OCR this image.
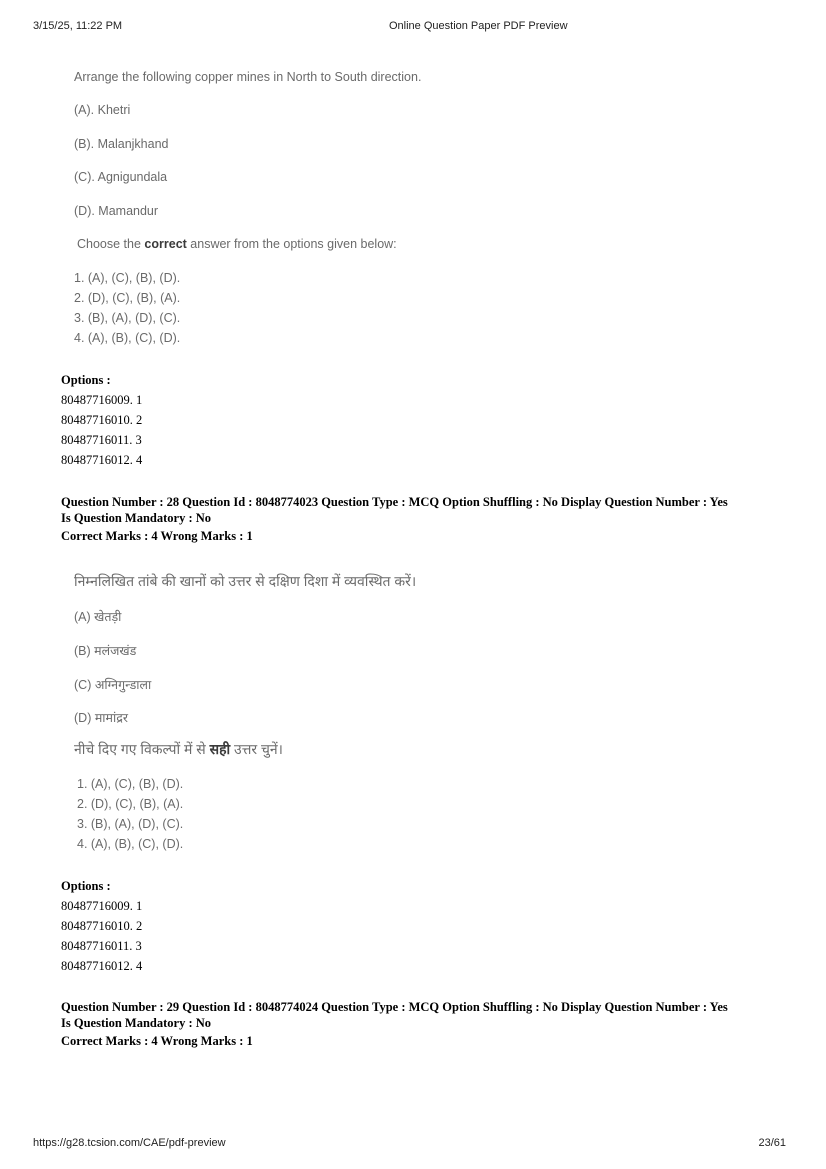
3/15/25, 11:22 PM	Online Question Paper PDF Preview
Arrange the following copper mines in North to South direction.
(A). Khetri
(B). Malanjkhand
(C). Agnigundala
(D). Mamandur
Choose the correct answer from the options given below:
1. (A), (C), (B), (D).
2. (D), (C), (B), (A).
3. (B), (A), (D), (C).
4. (A), (B), (C), (D).
Options :
80487716009. 1
80487716010. 2
80487716011. 3
80487716012. 4
Question Number : 28 Question Id : 8048774023 Question Type : MCQ Option Shuffling : No Display Question Number : Yes
Is Question Mandatory : No
Correct Marks : 4 Wrong Marks : 1
निम्नलिखित तांबे की खानों को उत्तर से दक्षिण दिशा में व्यवस्थित करें।
(A) खेतड़ी
(B) मलंजखंड
(C) अग्निगुन्डाला
(D) मामांद्रर
नीचे दिए गए विकल्पों में से सही उत्तर चुनें।
1. (A), (C), (B), (D).
2. (D), (C), (B), (A).
3. (B), (A), (D), (C).
4. (A), (B), (C), (D).
Options :
80487716009. 1
80487716010. 2
80487716011. 3
80487716012. 4
Question Number : 29 Question Id : 8048774024 Question Type : MCQ Option Shuffling : No Display Question Number : Yes
Is Question Mandatory : No
Correct Marks : 4 Wrong Marks : 1
https://g28.tcsion.com/CAE/pdf-preview	23/61
